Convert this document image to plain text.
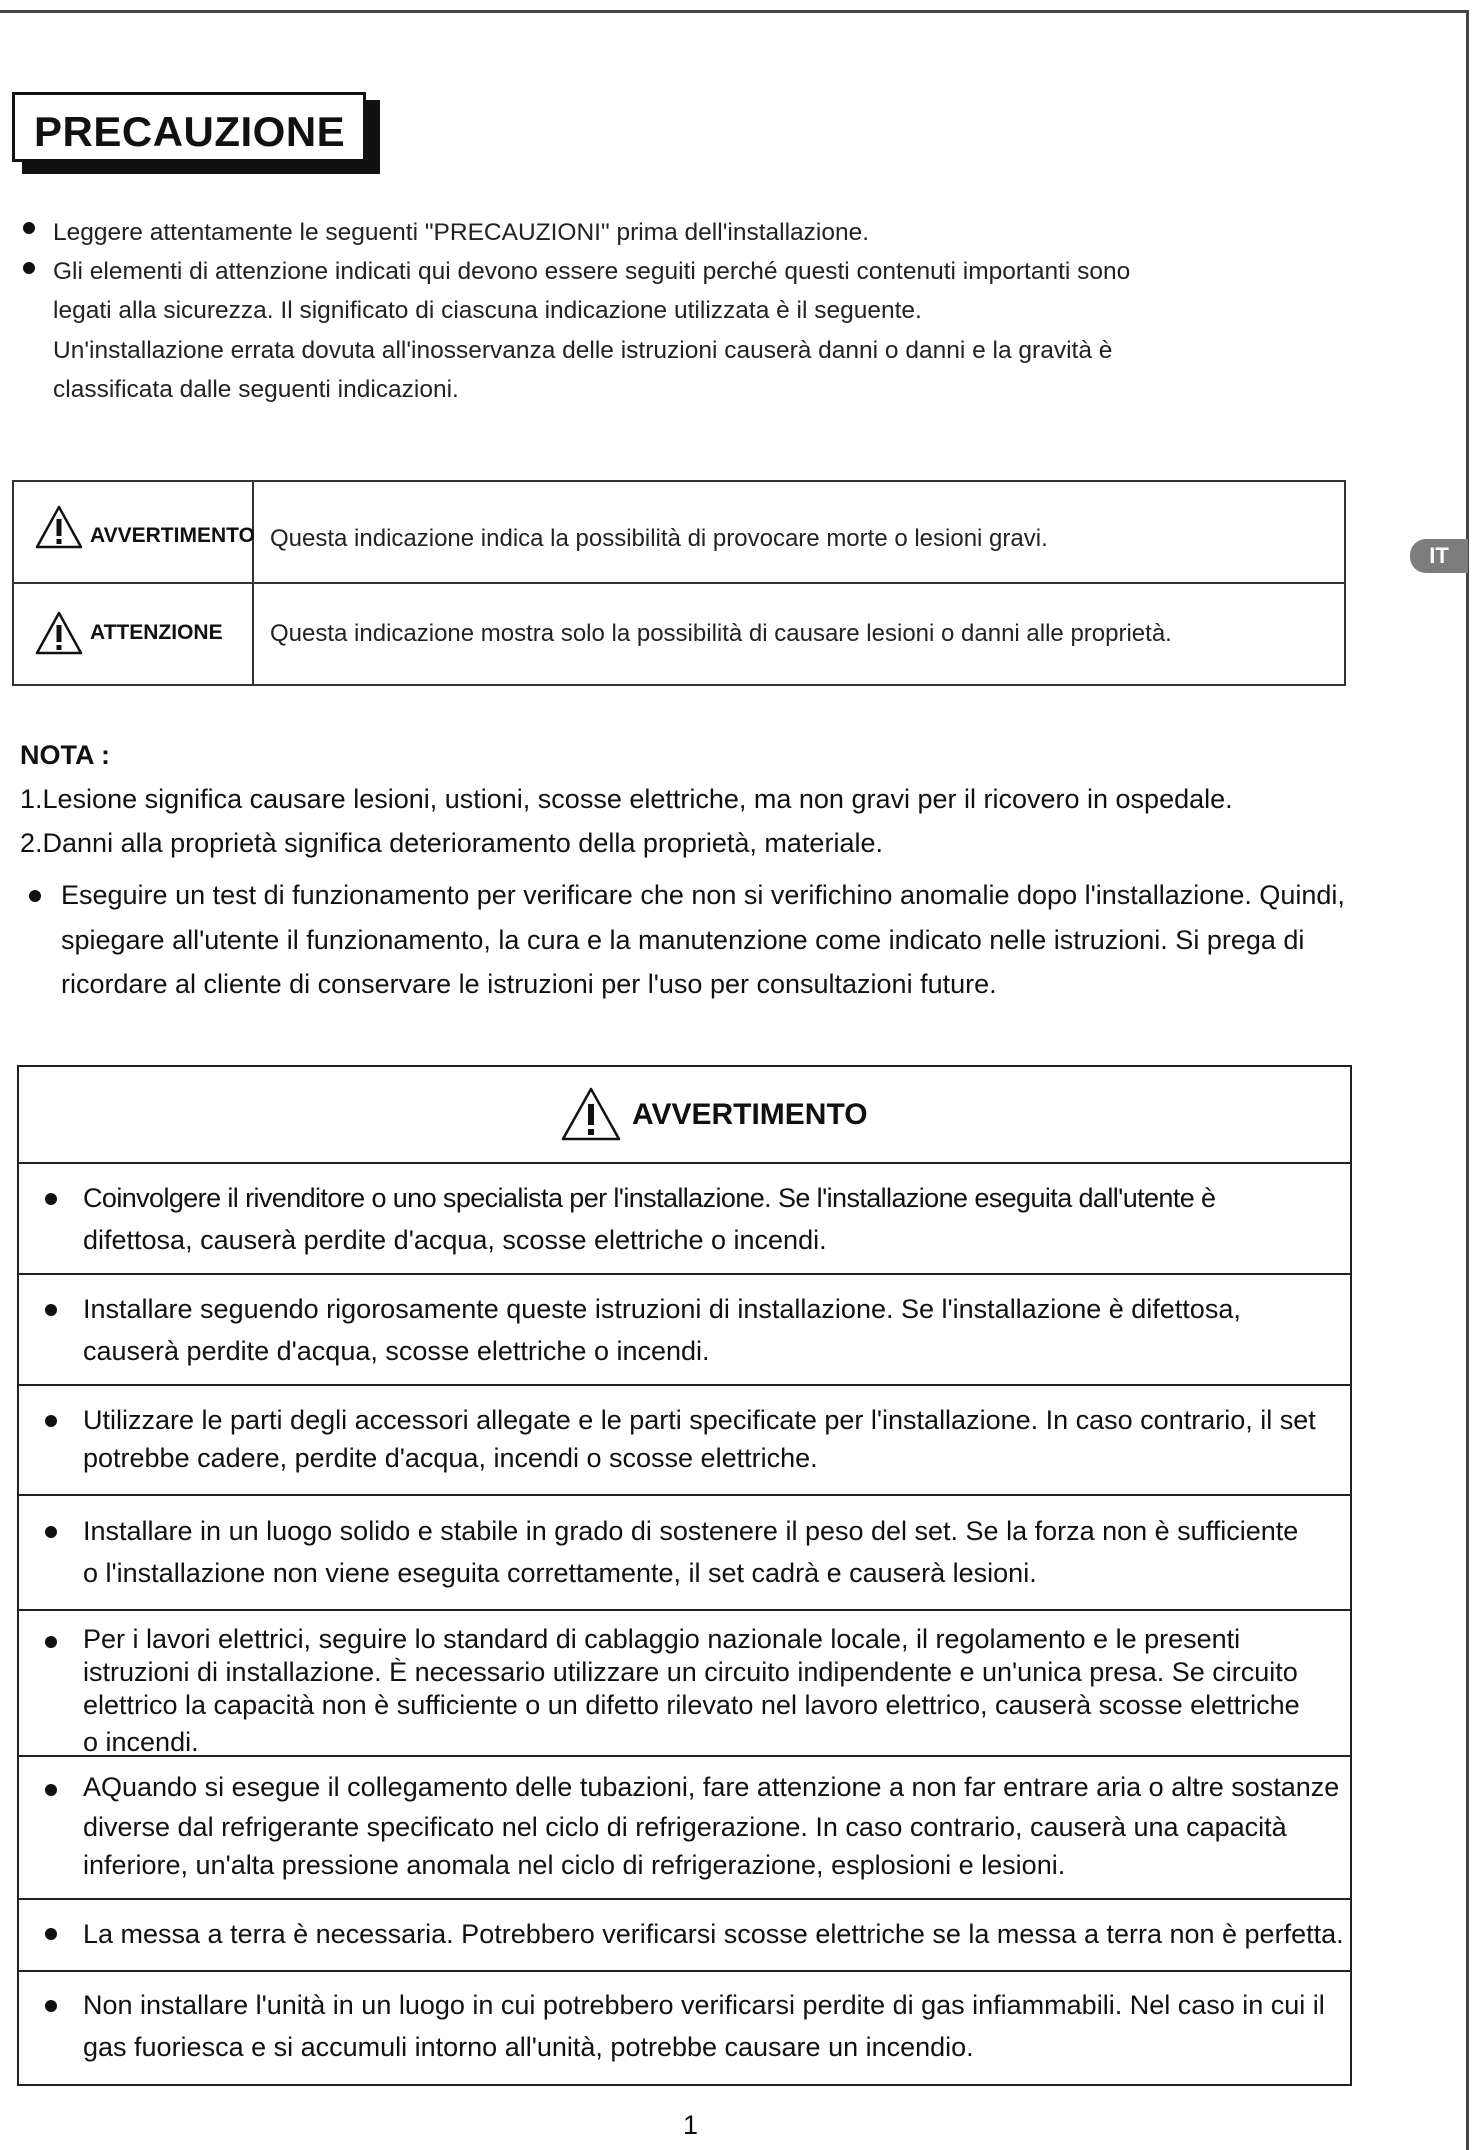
PRECAUZIONE
Leggere attentamente le seguenti "PRECAUZIONI" prima dell'installazione.
Gli elementi di attenzione indicati qui devono essere seguiti perché questi contenuti importanti sono
legati alla sicurezza. Il significato di ciascuna indicazione utilizzata è il seguente.
Un'installazione errata dovuta all'inosservanza delle istruzioni causerà danni o danni e la gravità è
classificata dalle seguenti indicazioni.
AVVERTIMENTO Questa indicazione indica la possibilità di provocare morte o lesioni gravi.
ATTENZIONE Questa indicazione mostra solo la possibilità di causare lesioni o danni alle proprietà.
IT
NOTA :
1.Lesione significa causare lesioni, ustioni, scosse elettriche, ma non gravi per il ricovero in ospedale.
2.Danni alla proprietà significa deterioramento della proprietà, materiale.
Eseguire un test di funzionamento per verificare che non si verifichino anomalie dopo l'installazione. Quindi,
spiegare all'utente il funzionamento, la cura e la manutenzione come indicato nelle istruzioni. Si prega di
ricordare al cliente di conservare le istruzioni per l'uso per consultazioni future.
AVVERTIMENTO
Coinvolgere il rivenditore o uno specialista per l'installazione. Se l'installazione eseguita dall'utente è
difettosa, causerà perdite d'acqua, scosse elettriche o incendi.
Installare seguendo rigorosamente queste istruzioni di installazione. Se l'installazione è difettosa,
causerà perdite d'acqua, scosse elettriche o incendi.
Utilizzare le parti degli accessori allegate e le parti specificate per l'installazione. In caso contrario, il set
potrebbe cadere, perdite d'acqua, incendi o scosse elettriche.
Installare in un luogo solido e stabile in grado di sostenere il peso del set. Se la forza non è sufficiente
o l'installazione non viene eseguita correttamente, il set cadrà e causerà lesioni.
Per i lavori elettrici, seguire lo standard di cablaggio nazionale locale, il regolamento e le presenti
istruzioni di installazione. È necessario utilizzare un circuito indipendente e un'unica presa. Se circuito
elettrico la capacità non è sufficiente o un difetto rilevato nel lavoro elettrico, causerà scosse elettriche
o incendi.
AQuando si esegue il collegamento delle tubazioni, fare attenzione a non far entrare aria o altre sostanze
diverse dal refrigerante specificato nel ciclo di refrigerazione. In caso contrario, causerà una capacità
inferiore, un'alta pressione anomala nel ciclo di refrigerazione, esplosioni e lesioni.
La messa a terra è necessaria. Potrebbero verificarsi scosse elettriche se la messa a terra non è perfetta.
Non installare l'unità in un luogo in cui potrebbero verificarsi perdite di gas infiammabili. Nel caso in cui il
gas fuoriesca e si accumuli intorno all'unità, potrebbe causare un incendio.
1
